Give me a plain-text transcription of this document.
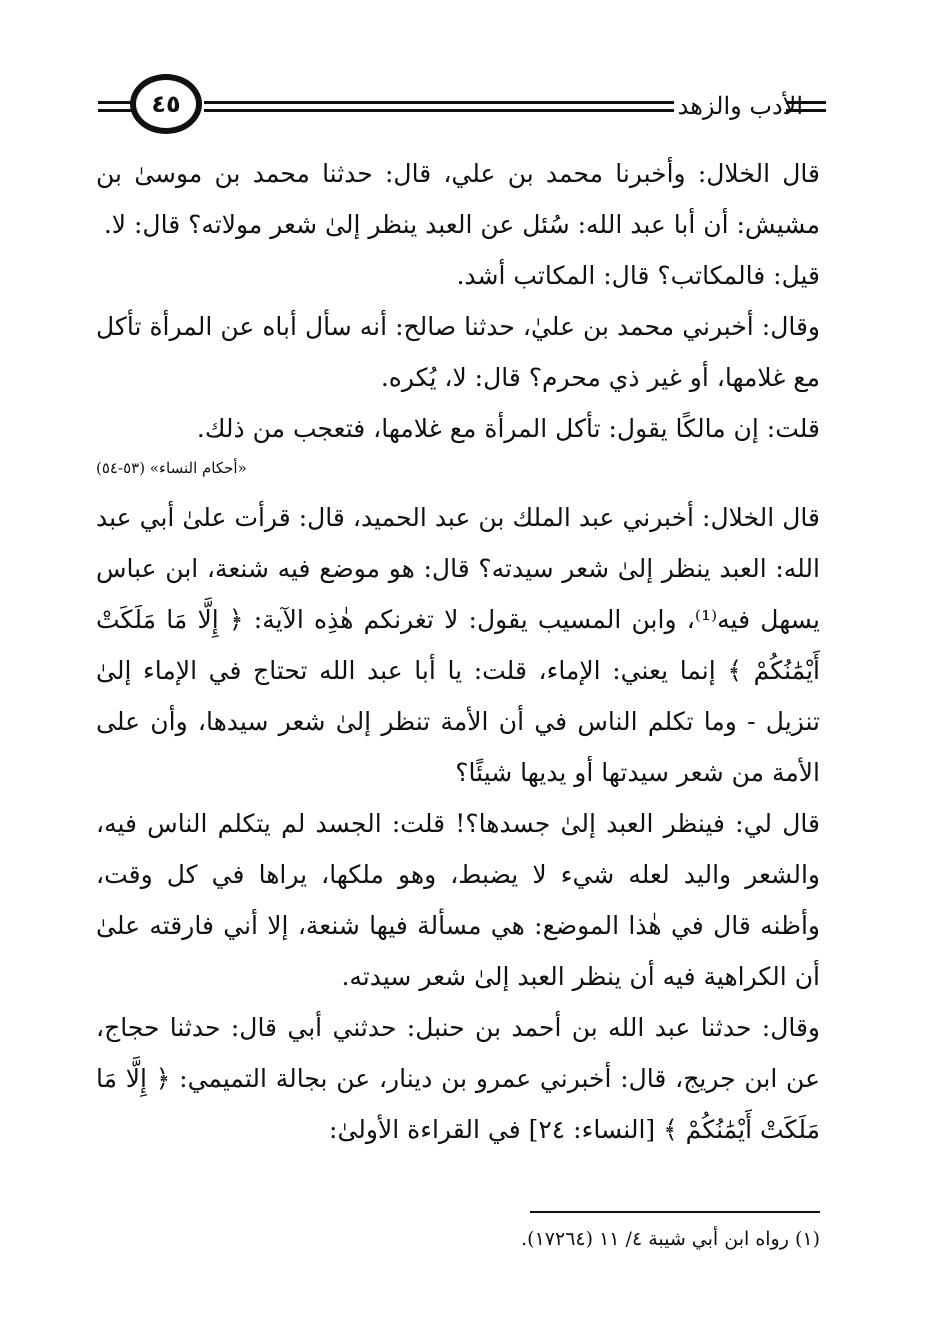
الأدب والزهد
٤٥

قال الخلال: وأخبرنا محمد بن علي، قال: حدثنا محمد بن موسىٰ بن مشيش: أن أبا عبد الله: سُئل عن العبد ينظر إلىٰ شعر مولاته؟ قال: لا.

قيل: فالمكاتب؟ قال: المكاتب أشد.

وقال: أخبرني محمد بن عليٰ، حدثنا صالح: أنه سأل أباه عن المرأة تأكل مع غلامها، أو غير ذي محرم؟ قال: لا، يُكره.

قلت: إن مالكًا يقول: تأكل المرأة مع غلامها، فتعجب من ذلك.

«أحكام النساء» (٥٣-٥٤)

قال الخلال: أخبرني عبد الملك بن عبد الحميد، قال: قرأت علىٰ أبي عبد الله: العبد ينظر إلىٰ شعر سيدته؟ قال: هو موضع فيه شنعة، ابن عباس يسهل فيه⁽¹⁾، وابن المسيب يقول: لا تغرنكم هٰذِه الآية: ﴿ إِلَّا مَا مَلَكَتْ أَيْمَٰنُكُمْ ﴾ إنما يعني: الإماء، قلت: يا أبا عبد الله تحتاج في الإماء إلىٰ تنزيل - وما تكلم الناس في أن الأمة تنظر إلىٰ شعر سيدها، وأن على الأمة من شعر سيدتها أو يديها شيئًا؟

قال لي: فينظر العبد إلىٰ جسدها؟! قلت: الجسد لم يتكلم الناس فيه، والشعر واليد لعله شيء لا يضبط، وهو ملكها، يراها في كل وقت، وأظنه قال في هٰذا الموضع: هي مسألة فيها شنعة، إلا أني فارقته علىٰ أن الكراهية فيه أن ينظر العبد إلىٰ شعر سيدته.

وقال: حدثنا عبد الله بن أحمد بن حنبل: حدثني أبي قال: حدثنا حجاج، عن ابن جريج، قال: أخبرني عمرو بن دينار، عن بجالة التميمي: ﴿ إِلَّا مَا مَلَكَتْ أَيْمَٰنُكُمْ ﴾ [النساء: ٢٤] في القراءة الأولىٰ:

(١) رواه ابن أبي شيبة ٤/ ١١ (١٧٢٦٤).
